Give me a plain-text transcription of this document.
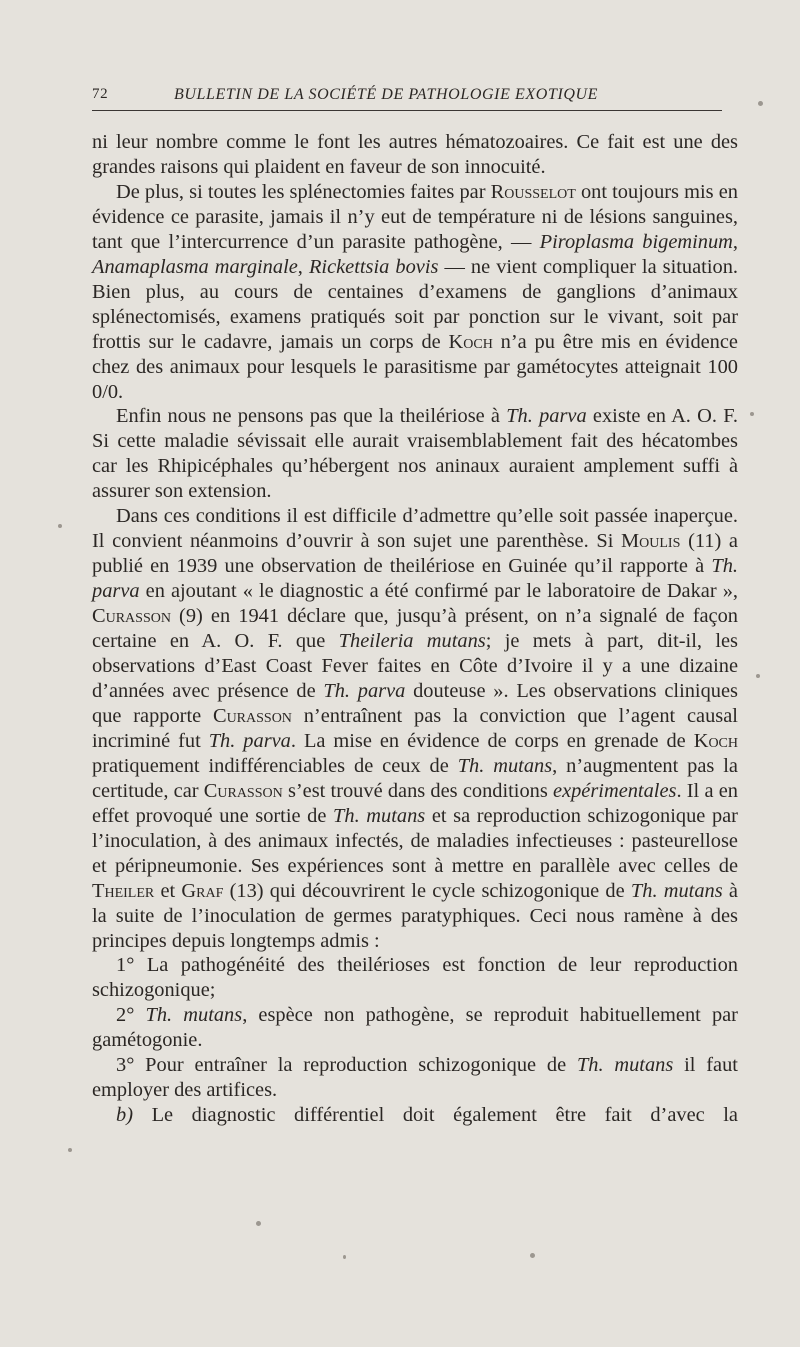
72	BULLETIN DE LA SOCIÉTÉ DE PATHOLOGIE EXOTIQUE

ni leur nombre comme le font les autres hématozoaires. Ce fait est une des grandes raisons qui plaident en faveur de son innocuité.

De plus, si toutes les splénectomies faites par Rousselot ont toujours mis en évidence ce parasite, jamais il n’y eut de température ni de lésions sanguines, tant que l’intercurrence d’un parasite pathogène, — Piroplasma bigeminum, Anamaplasma marginale, Rickettsia bovis — ne vient compliquer la situation. Bien plus, au cours de centaines d’examens de ganglions d’animaux splénectomisés, examens pratiqués soit par ponction sur le vivant, soit par frottis sur le cadavre, jamais un corps de Koch n’a pu être mis en évidence chez des animaux pour lesquels le parasitisme par gamétocytes atteignait 100 0/0.

Enfin nous ne pensons pas que la theilériose à Th. parva existe en A. O. F. Si cette maladie sévissait elle aurait vraisemblablement fait des hécatombes car les Rhipicéphales qu’hébergent nos aninaux auraient amplement suffi à assurer son extension.

Dans ces conditions il est difficile d’admettre qu’elle soit passée inaperçue. Il convient néanmoins d’ouvrir à son sujet une parenthèse. Si Moulis (11) a publié en 1939 une observation de theilériose en Guinée qu’il rapporte à Th. parva en ajoutant « le diagnostic a été confirmé par le laboratoire de Dakar », Curasson (9) en 1941 déclare que, jusqu’à présent, on n’a signalé de façon certaine en A. O. F. que Theileria mutans; je mets à part, dit-il, les observations d’East Coast Fever faites en Côte d’Ivoire il y a une dizaine d’années avec présence de Th. parva douteuse ». Les observations cliniques que rapporte Curasson n’entraînent pas la conviction que l’agent causal incriminé fut Th. parva. La mise en évidence de corps en grenade de Koch pratiquement indifférenciables de ceux de Th. mutans, n’augmentent pas la certitude, car Curasson s’est trouvé dans des conditions expérimentales. Il a en effet provoqué une sortie de Th. mutans et sa reproduction schizogonique par l’inoculation, à des animaux infectés, de maladies infectieuses : pasteurellose et péripneumonie. Ses expériences sont à mettre en parallèle avec celles de Theiler et Graf (13) qui découvrirent le cycle schizogonique de Th. mutans à la suite de l’inoculation de germes paratyphiques. Ceci nous ramène à des principes depuis longtemps admis :

1° La pathogénéité des theilérioses est fonction de leur reproduction schizogonique;

2° Th. mutans, espèce non pathogène, se reproduit habituellement par gamétogonie.

3° Pour entraîner la reproduction schizogonique de Th. mutans il faut employer des artifices.

b) Le diagnostic différentiel doit également être fait d’avec la
